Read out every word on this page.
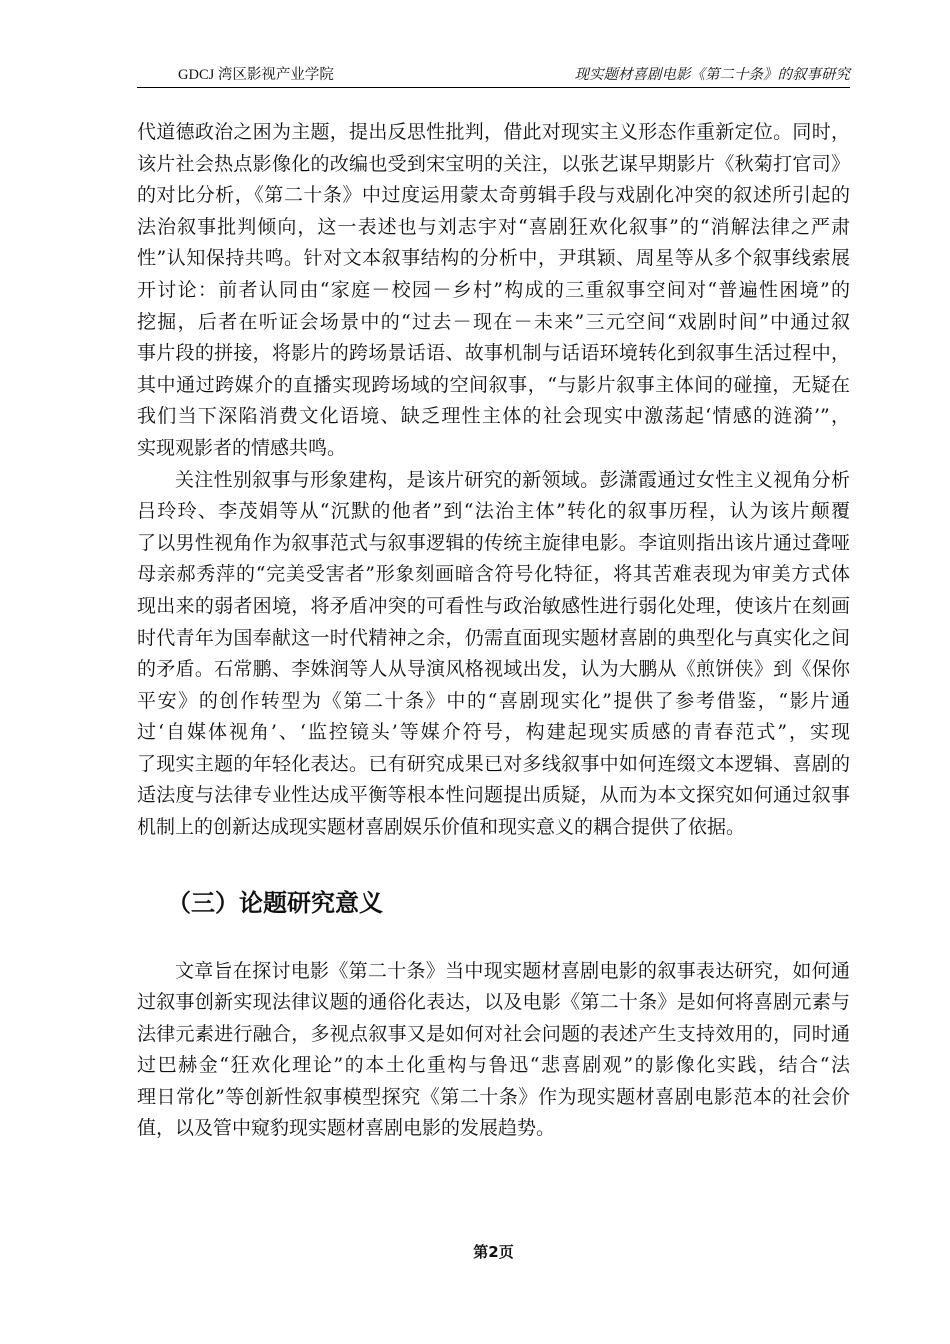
GDCJ 湾区影视产业学院	现实题材喜剧电影《第二十条》的叙事研究
代道德政治之困为主题，提出反思性批判，借此对现实主义形态作重新定位。同时，
该片社会热点影像化的改编也受到宋宝明的关注，以张艺谋早期影片《秋菊打官司》
的对比分析，《第二十条》中过度运用蒙太奇剪辑手段与戏剧化冲突的叙述所引起的
法治叙事批判倾向，这一表述也与刘志宇对“喜剧狂欢化叙事”的“消解法律之严肃
性”认知保持共鸣。针对文本叙事结构的分析中，尹琪颖、周星等从多个叙事线索展
开讨论：前者认同由“家庭－校园－乡村”构成的三重叙事空间对“普遍性困境”的
挖掘，后者在听证会场景中的“过去－现在－未来”三元空间“戏剧时间”中通过叙
事片段的拼接，将影片的跨场景话语、故事机制与话语环境转化到叙事生活过程中，
其中通过跨媒介的直播实现跨场域的空间叙事，“与影片叙事主体间的碰撞，无疑在
我们当下深陷消费文化语境、缺乏理性主体的社会现实中激荡起‘情感的涟漪’”，
实现观影者的情感共鸣。
关注性别叙事与形象建构，是该片研究的新领域。彭潇霞通过女性主义视角分析
吕玲玲、李茂娟等从“沉默的他者”到“法治主体”转化的叙事历程，认为该片颠覆
了以男性视角作为叙事范式与叙事逻辑的传统主旋律电影。李谊则指出该片通过聋哑
母亲郝秀萍的“完美受害者”形象刻画暗含符号化特征，将其苦难表现为审美方式体
现出来的弱者困境，将矛盾冲突的可看性与政治敏感性进行弱化处理，使该片在刻画
时代青年为国奉献这一时代精神之余，仍需直面现实题材喜剧的典型化与真实化之间
的矛盾。石常鹏、李姝润等人从导演风格视域出发，认为大鹏从《煎饼侠》到《保你
平安》的创作转型为《第二十条》中的“喜剧现实化”提供了参考借鉴，“影片通
过‘自媒体视角’、‘监控镜头’等媒介符号，构建起现实质感的青春范式”，实现
了现实主题的年轻化表达。已有研究成果已对多线叙事中如何连缀文本逻辑、喜剧的
适法度与法律专业性达成平衡等根本性问题提出质疑，从而为本文探究如何通过叙事
机制上的创新达成现实题材喜剧娱乐价值和现实意义的耦合提供了依据。
（三）论题研究意义
文章旨在探讨电影《第二十条》当中现实题材喜剧电影的叙事表达研究，如何通
过叙事创新实现法律议题的通俗化表达，以及电影《第二十条》是如何将喜剧元素与
法律元素进行融合，多视点叙事又是如何对社会问题的表述产生支持效用的，同时通
过巴赫金“狂欢化理论”的本土化重构与鲁迅“悲喜剧观”的影像化实践，结合“法
理日常化”等创新性叙事模型探究《第二十条》作为现实题材喜剧电影范本的社会价
值，以及管中窥豹现实题材喜剧电影的发展趋势。
第2页
